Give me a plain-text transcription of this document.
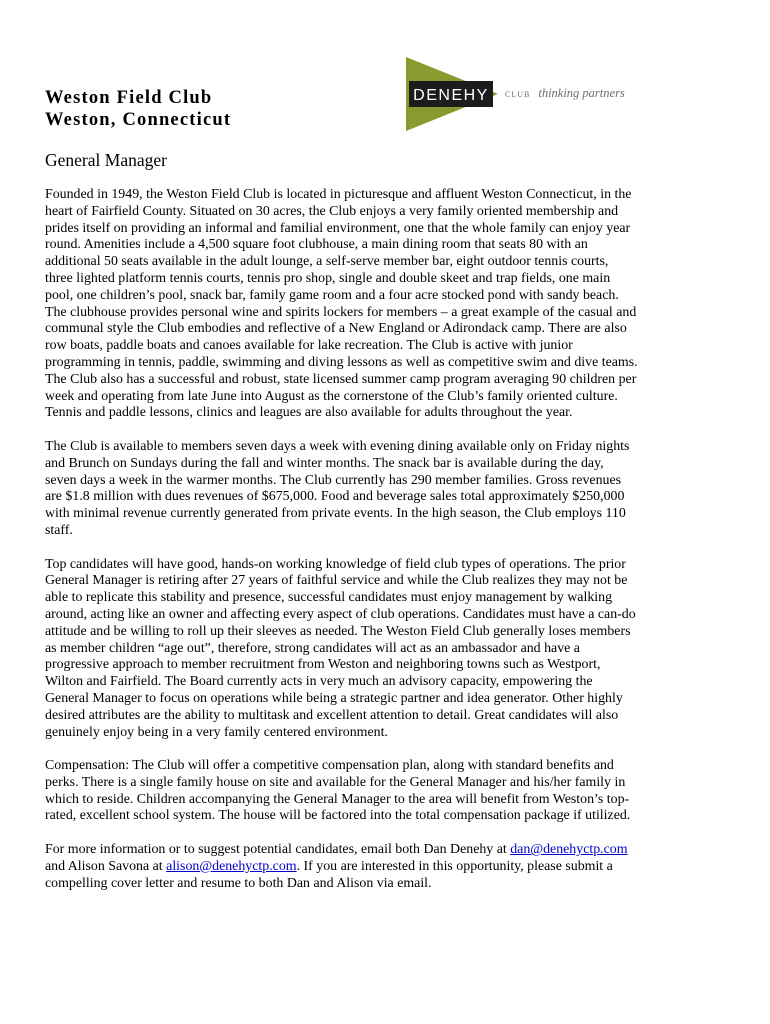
DENEHY CLUB thinking partners
Weston Field Club
Weston, Connecticut
General Manager

Founded in 1949, the Weston Field Club is located in picturesque and affluent Weston Connecticut, in the
heart of Fairfield County. Situated on 30 acres, the Club enjoys a very family oriented membership and
prides itself on providing an informal and familial environment, one that the whole family can enjoy year
round. Amenities include a 4,500 square foot clubhouse, a main dining room that seats 80 with an
additional 50 seats available in the adult lounge, a self-serve member bar, eight outdoor tennis courts,
three lighted platform tennis courts, tennis pro shop, single and double skeet and trap fields, one main
pool, one children’s pool, snack bar, family game room and a four acre stocked pond with sandy beach.
The clubhouse provides personal wine and spirits lockers for members – a great example of the casual and
communal style the Club embodies and reflective of a New England or Adirondack camp. There are also
row boats, paddle boats and canoes available for lake recreation. The Club is active with junior
programming in tennis, paddle, swimming and diving lessons as well as competitive swim and dive teams.
The Club also has a successful and robust, state licensed summer camp program averaging 90 children per
week and operating from late June into August as the cornerstone of the Club’s family oriented culture.
Tennis and paddle lessons, clinics and leagues are also available for adults throughout the year.

The Club is available to members seven days a week with evening dining available only on Friday nights
and Brunch on Sundays during the fall and winter months. The snack bar is available during the day,
seven days a week in the warmer months. The Club currently has 290 member families. Gross revenues
are $1.8 million with dues revenues of $675,000. Food and beverage sales total approximately $250,000
with minimal revenue currently generated from private events. In the high season, the Club employs 110
staff.

Top candidates will have good, hands-on working knowledge of field club types of operations. The prior
General Manager is retiring after 27 years of faithful service and while the Club realizes they may not be
able to replicate this stability and presence, successful candidates must enjoy management by walking
around, acting like an owner and affecting every aspect of club operations. Candidates must have a can-do
attitude and be willing to roll up their sleeves as needed. The Weston Field Club generally loses members
as member children “age out”, therefore, strong candidates will act as an ambassador and have a
progressive approach to member recruitment from Weston and neighboring towns such as Westport,
Wilton and Fairfield. The Board currently acts in very much an advisory capacity, empowering the
General Manager to focus on operations while being a strategic partner and idea generator. Other highly
desired attributes are the ability to multitask and excellent attention to detail. Great candidates will also
genuinely enjoy being in a very family centered environment.

Compensation: The Club will offer a competitive compensation plan, along with standard benefits and
perks. There is a single family house on site and available for the General Manager and his/her family in
which to reside. Children accompanying the General Manager to the area will benefit from Weston’s top-
rated, excellent school system. The house will be factored into the total compensation package if utilized.

For more information or to suggest potential candidates, email both Dan Denehy at dan@denehyctp.com
and Alison Savona at alison@denehyctp.com. If you are interested in this opportunity, please submit a
compelling cover letter and resume to both Dan and Alison via email.
